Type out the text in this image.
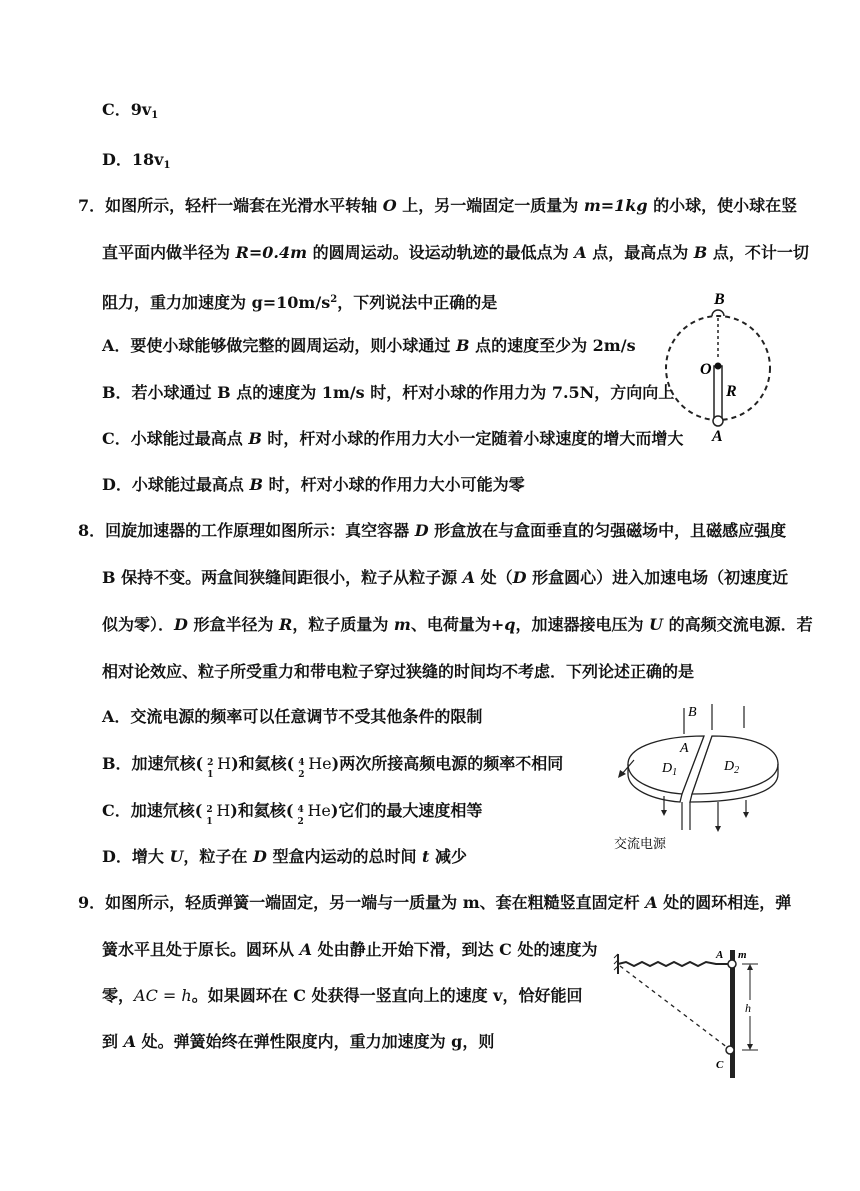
C．$9v_1$
D．$18v_1$
7．如图所示，轻杆一端套在光滑水平转轴 O 上，另一端固定一质量为 m=1kg 的小球，使小球在竖
直平面内做半径为 R=0.4m 的圆周运动。设运动轨迹的最低点为 A 点，最高点为 B 点，不计一切
阻力，重力加速度为 $g=10m/s^2$，下列说法中正确的是
A．要使小球能够做完整的圆周运动，则小球通过 B 点的速度至少为 2m/s
B．若小球通过 B 点的速度为 1m/s 时，杆对小球的作用力为 7.5N，方向向上
C．小球能过最高点 B 时，杆对小球的作用力大小一定随着小球速度的增大而增大
D．小球能过最高点 B 时，杆对小球的作用力大小可能为零
B
O
R
A
8．回旋加速器的工作原理如图所示：真空容器 D 形盒放在与盒面垂直的匀强磁场中，且磁感应强度
B 保持不变。两盒间狭缝间距很小，粒子从粒子源 A 处（D 形盒圆心）进入加速电场（初速度近
似为零）．D 形盒半径为 R，粒子质量为 m、电荷量为+q，加速器接电压为 U 的高频交流电源．若
相对论效应、粒子所受重力和带电粒子穿过狭缝的时间均不考虑．下列论述正确的是
A．交流电源的频率可以任意调节不受其他条件的限制
B．加速氘核( 2
1
H)和氦核( 4
2
He)两次所接高频电源的频率不相同
C．加速氘核( 2
1
H)和氦核( 4
2
He)它们的最大速度相等
D．增大 U，粒子在 D 型盒内运动的总时间 t 减少
B
A
$D_1$	$D_2$
交流电源
9．如图所示，轻质弹簧一端固定，另一端与一质量为 m、套在粗糙竖直固定杆 A 处的圆环相连，弹
簧水平且处于原长。圆环从 A 处由静止开始下滑，到达 C 处的速度为
零，AC = h。如果圆环在 C 处获得一竖直向上的速度 v，恰好能回
到 A 处。弹簧始终在弹性限度内，重力加速度为 g，则
A m
h
C
